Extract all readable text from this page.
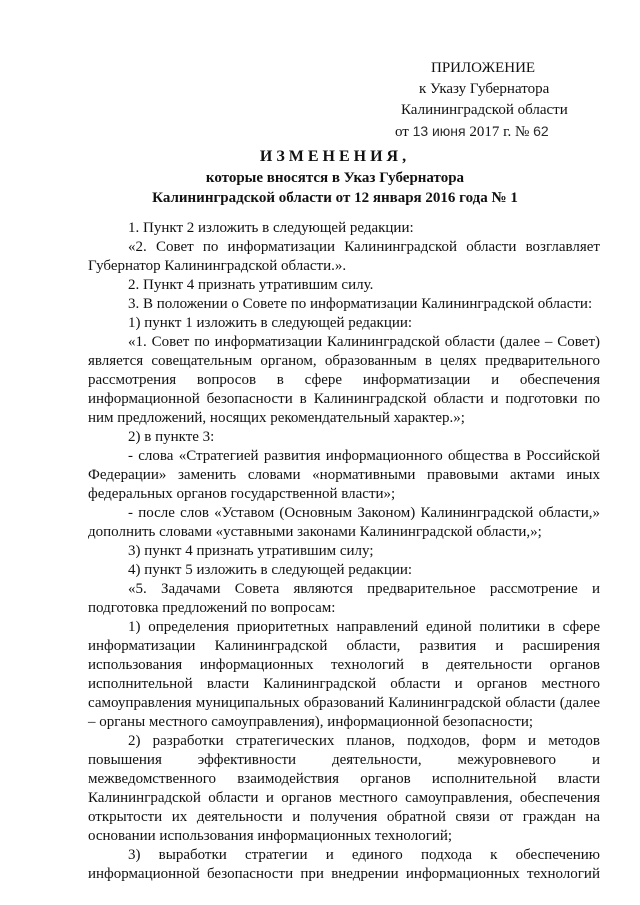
ПРИЛОЖЕНИЕ
к Указу Губернатора
Калининградской области
от 13 июня 2017 г. № 62
ИЗМЕНЕНИЯ,
которые вносятся в Указ Губернатора
Калининградской области от 12 января 2016 года № 1
1. Пункт 2 изложить в следующей редакции:
«2. Совет по информатизации Калининградской области возглавляет Губернатор Калининградской области.».
2. Пункт 4 признать утратившим силу.
3. В положении о Совете по информатизации Калининградской области:
1) пункт 1 изложить в следующей редакции:
«1. Совет по информатизации Калининградской области (далее – Совет) является совещательным органом, образованным в целях предварительного рассмотрения вопросов в сфере информатизации и обеспечения информационной безопасности в Калининградской области и подготовки по ним предложений, носящих рекомендательный характер.»;
2) в пункте 3:
- слова «Стратегией развития информационного общества в Российской Федерации» заменить словами «нормативными правовыми актами иных федеральных органов государственной власти»;
- после слов «Уставом (Основным Законом) Калининградской области,» дополнить словами «уставными законами Калининградской области,»;
3) пункт 4 признать утратившим силу;
4) пункт 5 изложить в следующей редакции:
«5. Задачами Совета являются предварительное рассмотрение и подготовка предложений по вопросам:
1) определения приоритетных направлений единой политики в сфере информатизации Калининградской области, развития и расширения использования информационных технологий в деятельности органов исполнительной власти Калининградской области и органов местного самоуправления муниципальных образований Калининградской области (далее – органы местного самоуправления), информационной безопасности;
2) разработки стратегических планов, подходов, форм и методов повышения эффективности деятельности, межуровневого и межведомственного взаимодействия органов исполнительной власти Калининградской области и органов местного самоуправления, обеспечения открытости их деятельности и получения обратной связи от граждан на основании использования информационных технологий;
3) выработки стратегии и единого подхода к обеспечению информационной безопасности при внедрении информационных технологий
